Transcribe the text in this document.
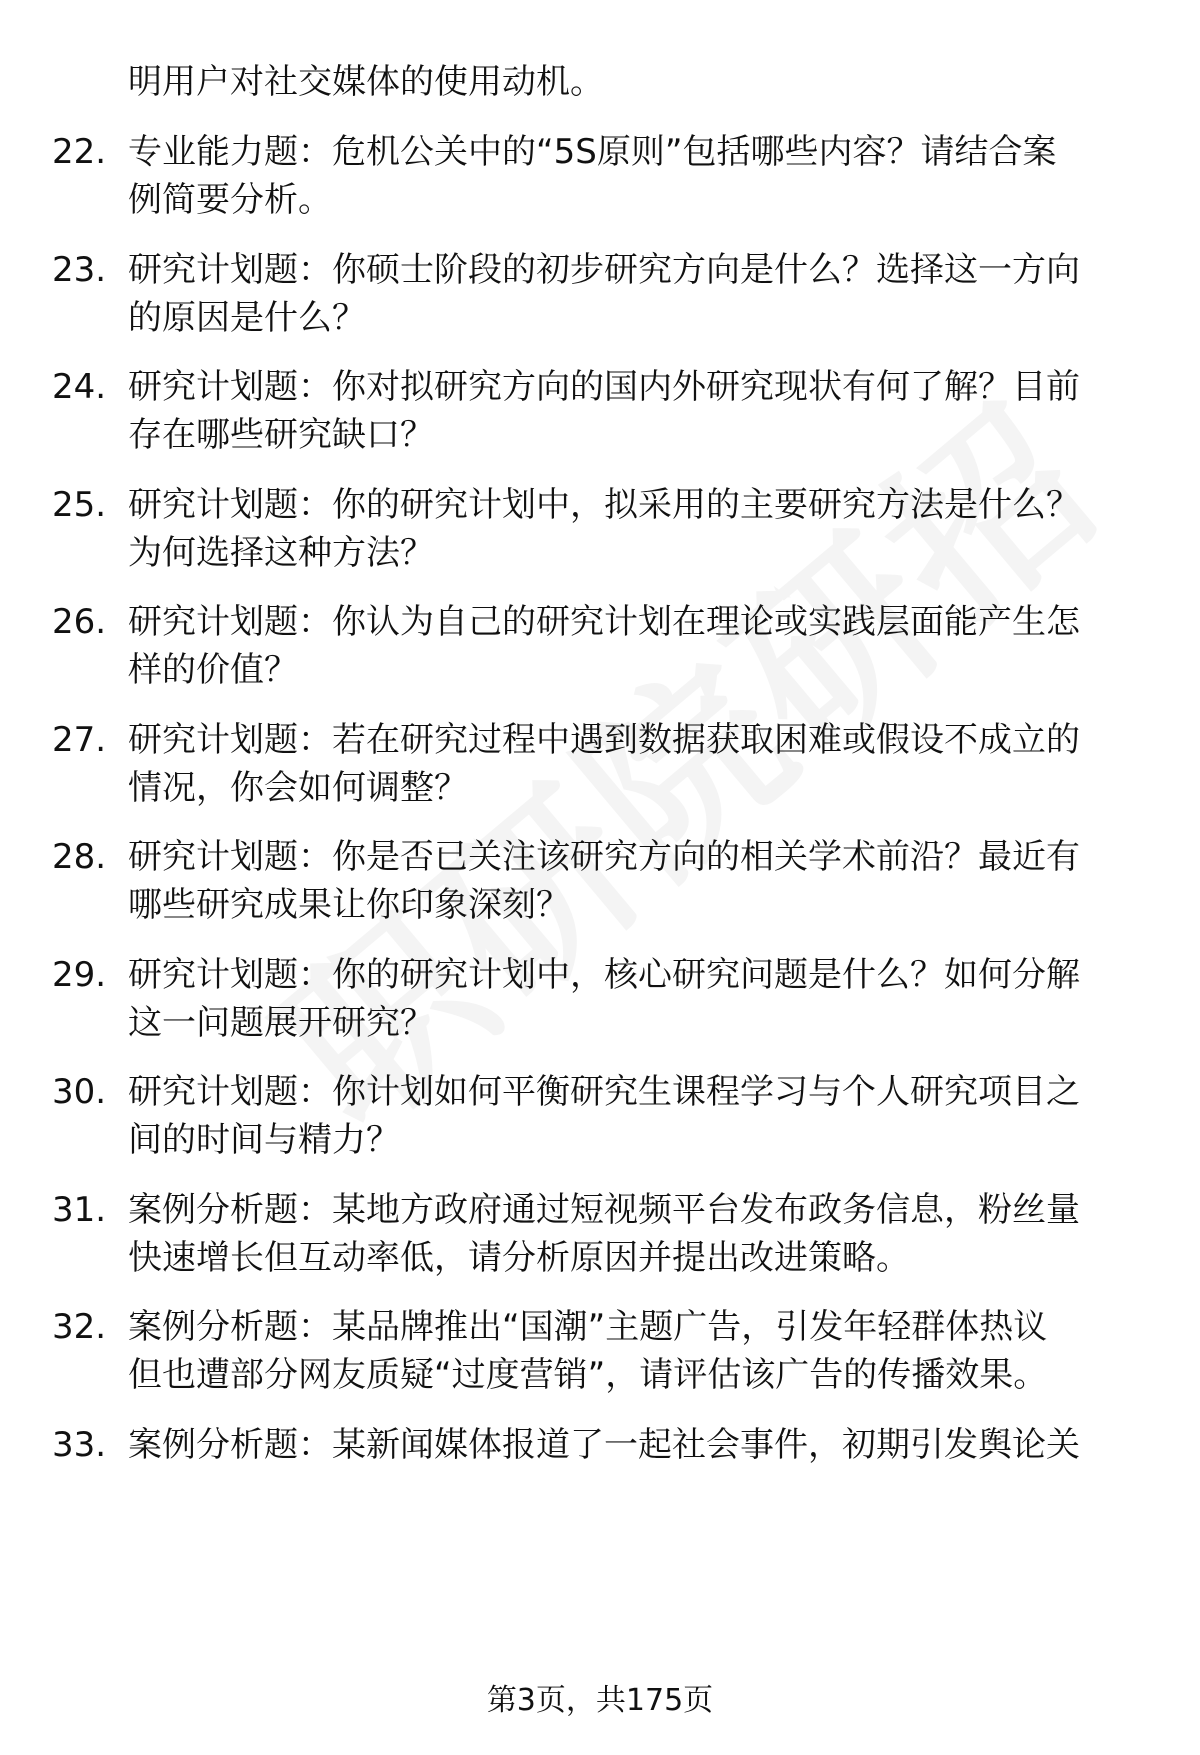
明用户对社交媒体的使用动机。
22. 专业能力题：危机公关中的“5S原则”包括哪些内容？请结合案
例简要分析。
23. 研究计划题：你硕士阶段的初步研究方向是什么？选择这一方向
的原因是什么？
24. 研究计划题：你对拟研究方向的国内外研究现状有何了解？目前
存在哪些研究缺口？
25. 研究计划题：你的研究计划中，拟采用的主要研究方法是什么？
为何选择这种方法？
26. 研究计划题：你认为自己的研究计划在理论或实践层面能产生怎
样的价值？
27. 研究计划题：若在研究过程中遇到数据获取困难或假设不成立的
情况，你会如何调整？
28. 研究计划题：你是否已关注该研究方向的相关学术前沿？最近有
哪些研究成果让你印象深刻？
29. 研究计划题：你的研究计划中，核心研究问题是什么？如何分解
这一问题展开研究？
30. 研究计划题：你计划如何平衡研究生课程学习与个人研究项目之
间的时间与精力？
31. 案例分析题：某地方政府通过短视频平台发布政务信息，粉丝量
快速增长但互动率低，请分析原因并提出改进策略。
32. 案例分析题：某品牌推出“国潮”主题广告，引发年轻群体热议
但也遭部分网友质疑“过度营销”，请评估该广告的传播效果。
33. 案例分析题：某新闻媒体报道了一起社会事件，初期引发舆论关
第3页，共175页
